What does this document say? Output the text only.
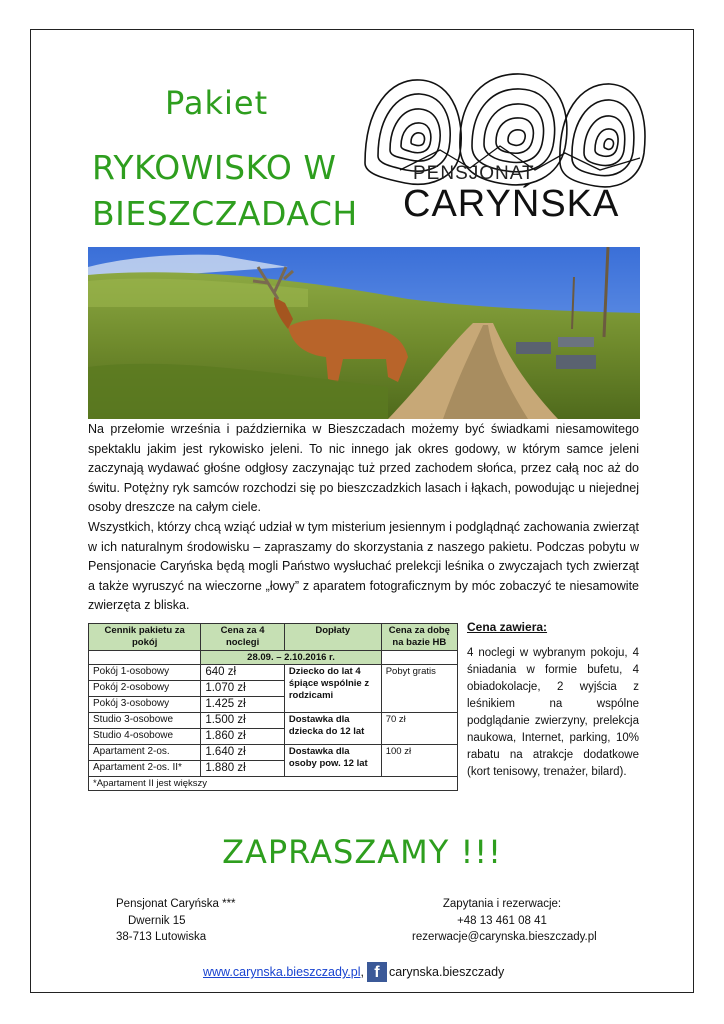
Pakiet
RYKOWISKO W
BIESZCZADACH
PENSJONAT
CARYŃSKA

Na przełomie września i października w Bieszczadach możemy być świadkami niesamowitego spektaklu jakim jest rykowisko jeleni. To nic innego jak okres godowy, w którym samce jeleni zaczynają wydawać głośne odgłosy zaczynając tuż przed zachodem słońca, przez całą noc aż do świtu. Potężny ryk samców rozchodzi się po bieszczadzkich lasach i łąkach, powodując u niejednej osoby dreszcze na całym ciele.

Wszystkich, którzy chcą wziąć udział w tym misterium jesiennym i podglądnąć zachowania zwierząt w ich naturalnym środowisku – zapraszamy do skorzystania z naszego pakietu. Podczas pobytu w Pensjonacie Caryńska będą mogli Państwo wysłuchać prelekcji leśnika o zwyczajach tych zwierząt a także wyruszyć na wieczorne „łowy” z aparatem fotograficznym by móc zobaczyć te niesamowite zwierzęta z bliska.

Cennik pakietu za pokój	Cena za 4 noclegi	Dopłaty	Cena za dobę na bazie HB
	28.09. – 2.10.2016 r.		
Pokój 1-osobowy	640 zł	Dziecko do lat 4 śpiące wspólnie z rodzicami	Pobyt gratis
Pokój 2-osobowy	1.070 zł		
Pokój 3-osobowy	1.425 zł		
Studio 3-osobowe	1.500 zł	Dostawka dla dziecka do 12 lat	70 zł
Studio 4-osobowe	1.860 zł		
Apartament 2-os.	1.640 zł	Dostawka dla osoby pow. 12 lat	100 zł
Apartament 2-os. II*	1.880 zł		
*Apartament II jest większy			
Cena zawiera:

4 noclegi w wybranym pokoju, 4 śniadania w formie bufetu, 4 obiadokolacje, 2 wyjścia z leśnikiem na wspólne podglądanie zwierzyny, prelekcja naukowa, Internet, parking, 10% rabatu na atrakcje dodatkowe (kort tenisowy, trenażer, bilard).

ZAPRASZAMY !!!
Pensjonat Caryńska ***
Dwernik 15
38-713 Lutowiska
Zapytania i rezerwacje:
+48 13 461 08 41
rezerwacje@carynska.bieszczady.pl
www.carynska.bieszczady.pl , f carynska.bieszczady
